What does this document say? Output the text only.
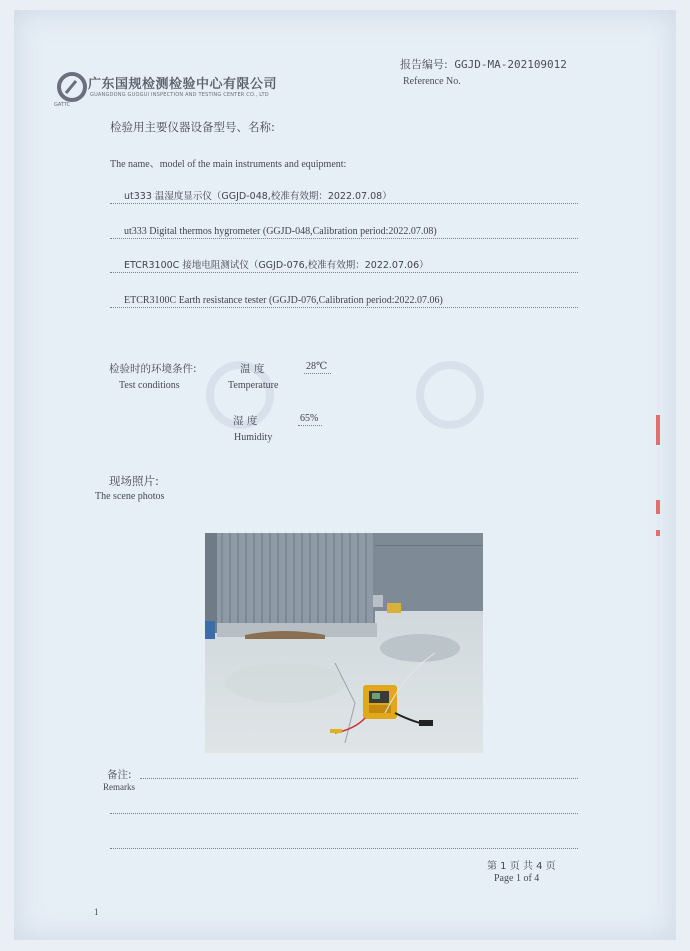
广东国规检测检验中心有限公司
GUANGDONG GUOGUI INSPECTION AND TESTING CENTER CO., LTD
GATTC
报告编号: GGJD-MA-202109012
Reference No.
检验用主要仪器设备型号、名称:
The name、model of the main instruments and equipment:
ut333 温湿度显示仪（GGJD-048,校准有效期：2022.07.08）
ut333 Digital thermos hygrometer (GGJD-048,Calibration period:2022.07.08)
ETCR3100C 接地电阻测试仪（GGJD-076,校准有效期：2022.07.06）
ETCR3100C Earth resistance tester (GGJD-076,Calibration period:2022.07.06)
检验时的环境条件:
Test conditions
温 度	28℃
Temperature
湿 度	65%
Humidity
现场照片:
The scene photos
备注:
Remarks
第 1 页 共 4 页
Page 1 of 4
1
